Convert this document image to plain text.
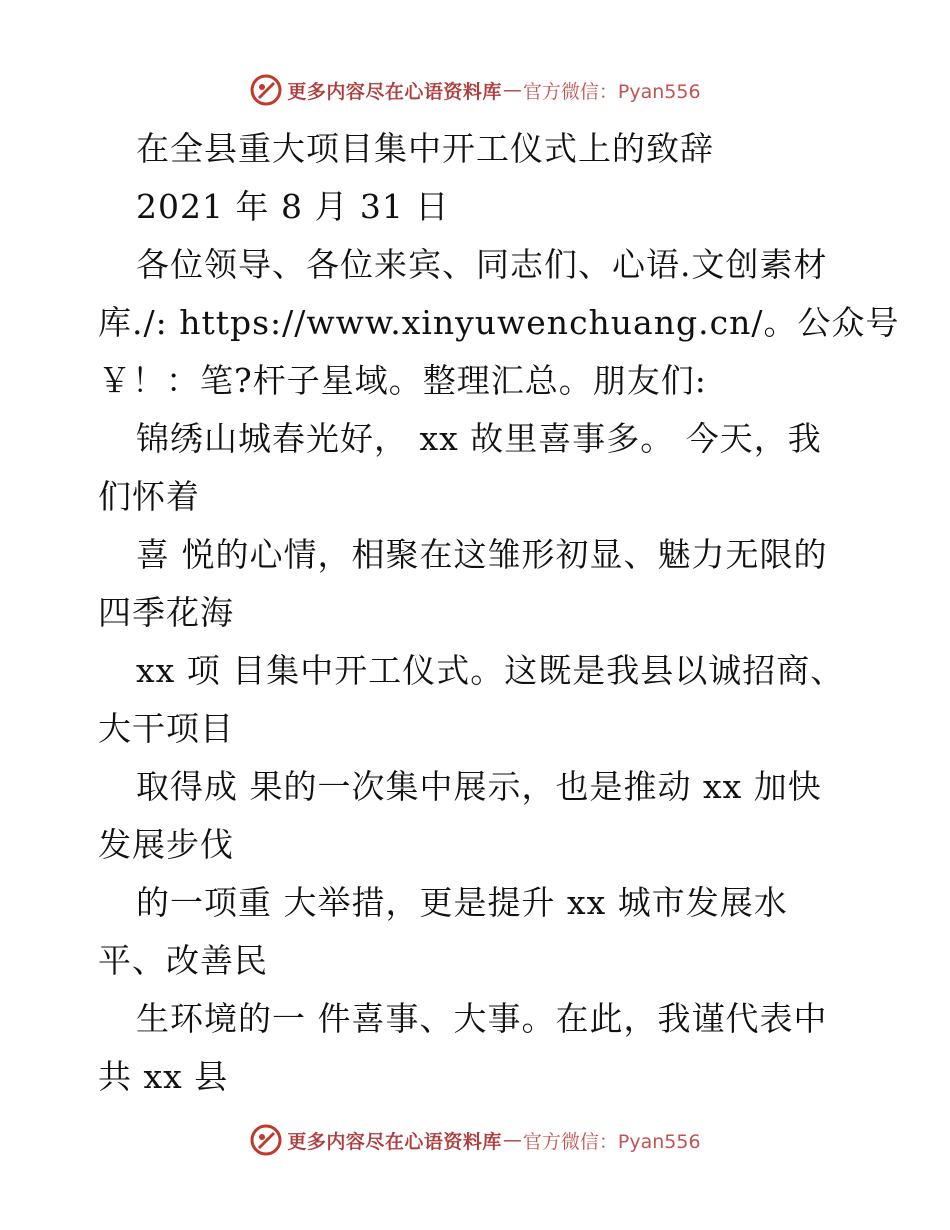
更多内容尽在心语资料库 — 官方微信：Pyan556
在全县重大项目集中开工仪式上的致辞
2021 年 8 月 31 日
各位领导、各位来宾、同志们、心语.文创素材
库./: https://www.xinyuwenchuang.cn/。公众号
￥！：笔?杆子星域。整理汇总。朋友们:
锦绣山城春光好， xx 故里喜事多。 今天，我
们怀着
喜 悦的心情，相聚在这雏形初显、魅力无限的
四季花海
xx 项 目集中开工仪式。这既是我县以诚招商、
大干项目
取得成 果的一次集中展示，也是推动 xx 加快
发展步伐
的一项重 大举措，更是提升 xx 城市发展水
平、改善民
生环境的一 件喜事、大事。在此，我谨代表中
共 xx 县
更多内容尽在心语资料库 — 官方微信：Pyan556
